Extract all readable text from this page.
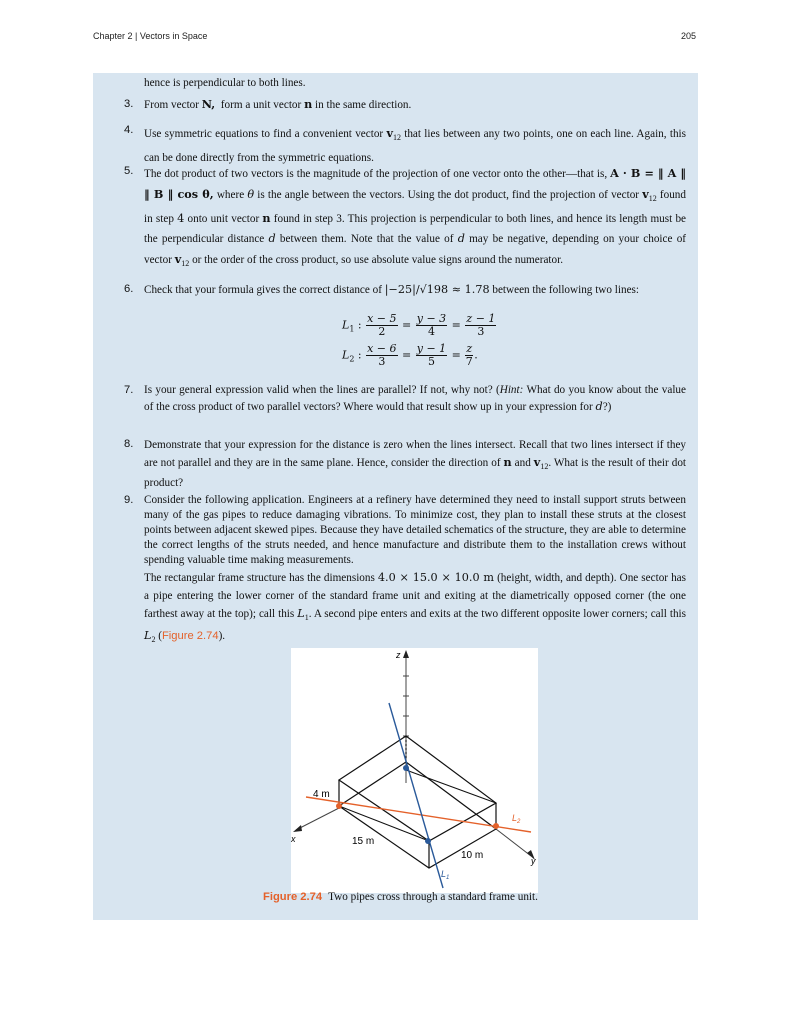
Chapter 2 | Vectors in Space	205
hence is perpendicular to both lines.
3. From vector N, form a unit vector n in the same direction.
4. Use symmetric equations to find a convenient vector $v_{12}$ that lies between any two points, one on each line. Again, this can be done directly from the symmetric equations.
5. The dot product of two vectors is the magnitude of the projection of one vector onto the other—that is, A · B = ‖ A ‖ ‖ B ‖ cos θ, where θ is the angle between the vectors. Using the dot product, find the projection of vector $v_{12}$ found in step 4 onto unit vector n found in step 3. This projection is perpendicular to both lines, and hence its length must be the perpendicular distance d between them. Note that the value of d may be negative, depending on your choice of vector $v_{12}$ or the order of the cross product, so use absolute value signs around the numerator.
6. Check that your formula gives the correct distance of |−25|/√198 ≈ 1.78 between the following two lines:
$L_1$ : $\frac{x - 5}{2} = \frac{y - 3}{4} = \frac{z - 1}{3}$
$L_2$ : $\frac{x - 6}{3} = \frac{y - 1}{5} = \frac{z}{7}$ .
7. Is your general expression valid when the lines are parallel? If not, why not? (Hint: What do you know about the value of the cross product of two parallel vectors? Where would that result show up in your expression for d?)
8. Demonstrate that your expression for the distance is zero when the lines intersect. Recall that two lines intersect if they are not parallel and they are in the same plane. Hence, consider the direction of n and $v_{12}$. What is the result of their dot product?
9. Consider the following application. Engineers at a refinery have determined they need to install support struts between many of the gas pipes to reduce damaging vibrations. To minimize cost, they plan to install these struts at the closest points between adjacent skewed pipes. Because they have detailed schematics of the structure, they are able to determine the correct lengths of the struts needed, and hence manufacture and distribute them to the installation crews without spending valuable time making measurements.
The rectangular frame structure has the dimensions 4.0 × 15.0 × 10.0 m (height, width, and depth). One sector has a pipe entering the lower corner of the standard frame unit and exiting at the diametrically opposed corner (the one farthest away at the top); call this $L_1$. A second pipe enters and exits at the two different opposite lower corners; call this $L_2$ (Figure 2.74).
z
x
y
4 m
15 m
10 m
$L_1$
$L_2$
Figure 2.74 Two pipes cross through a standard frame unit.
